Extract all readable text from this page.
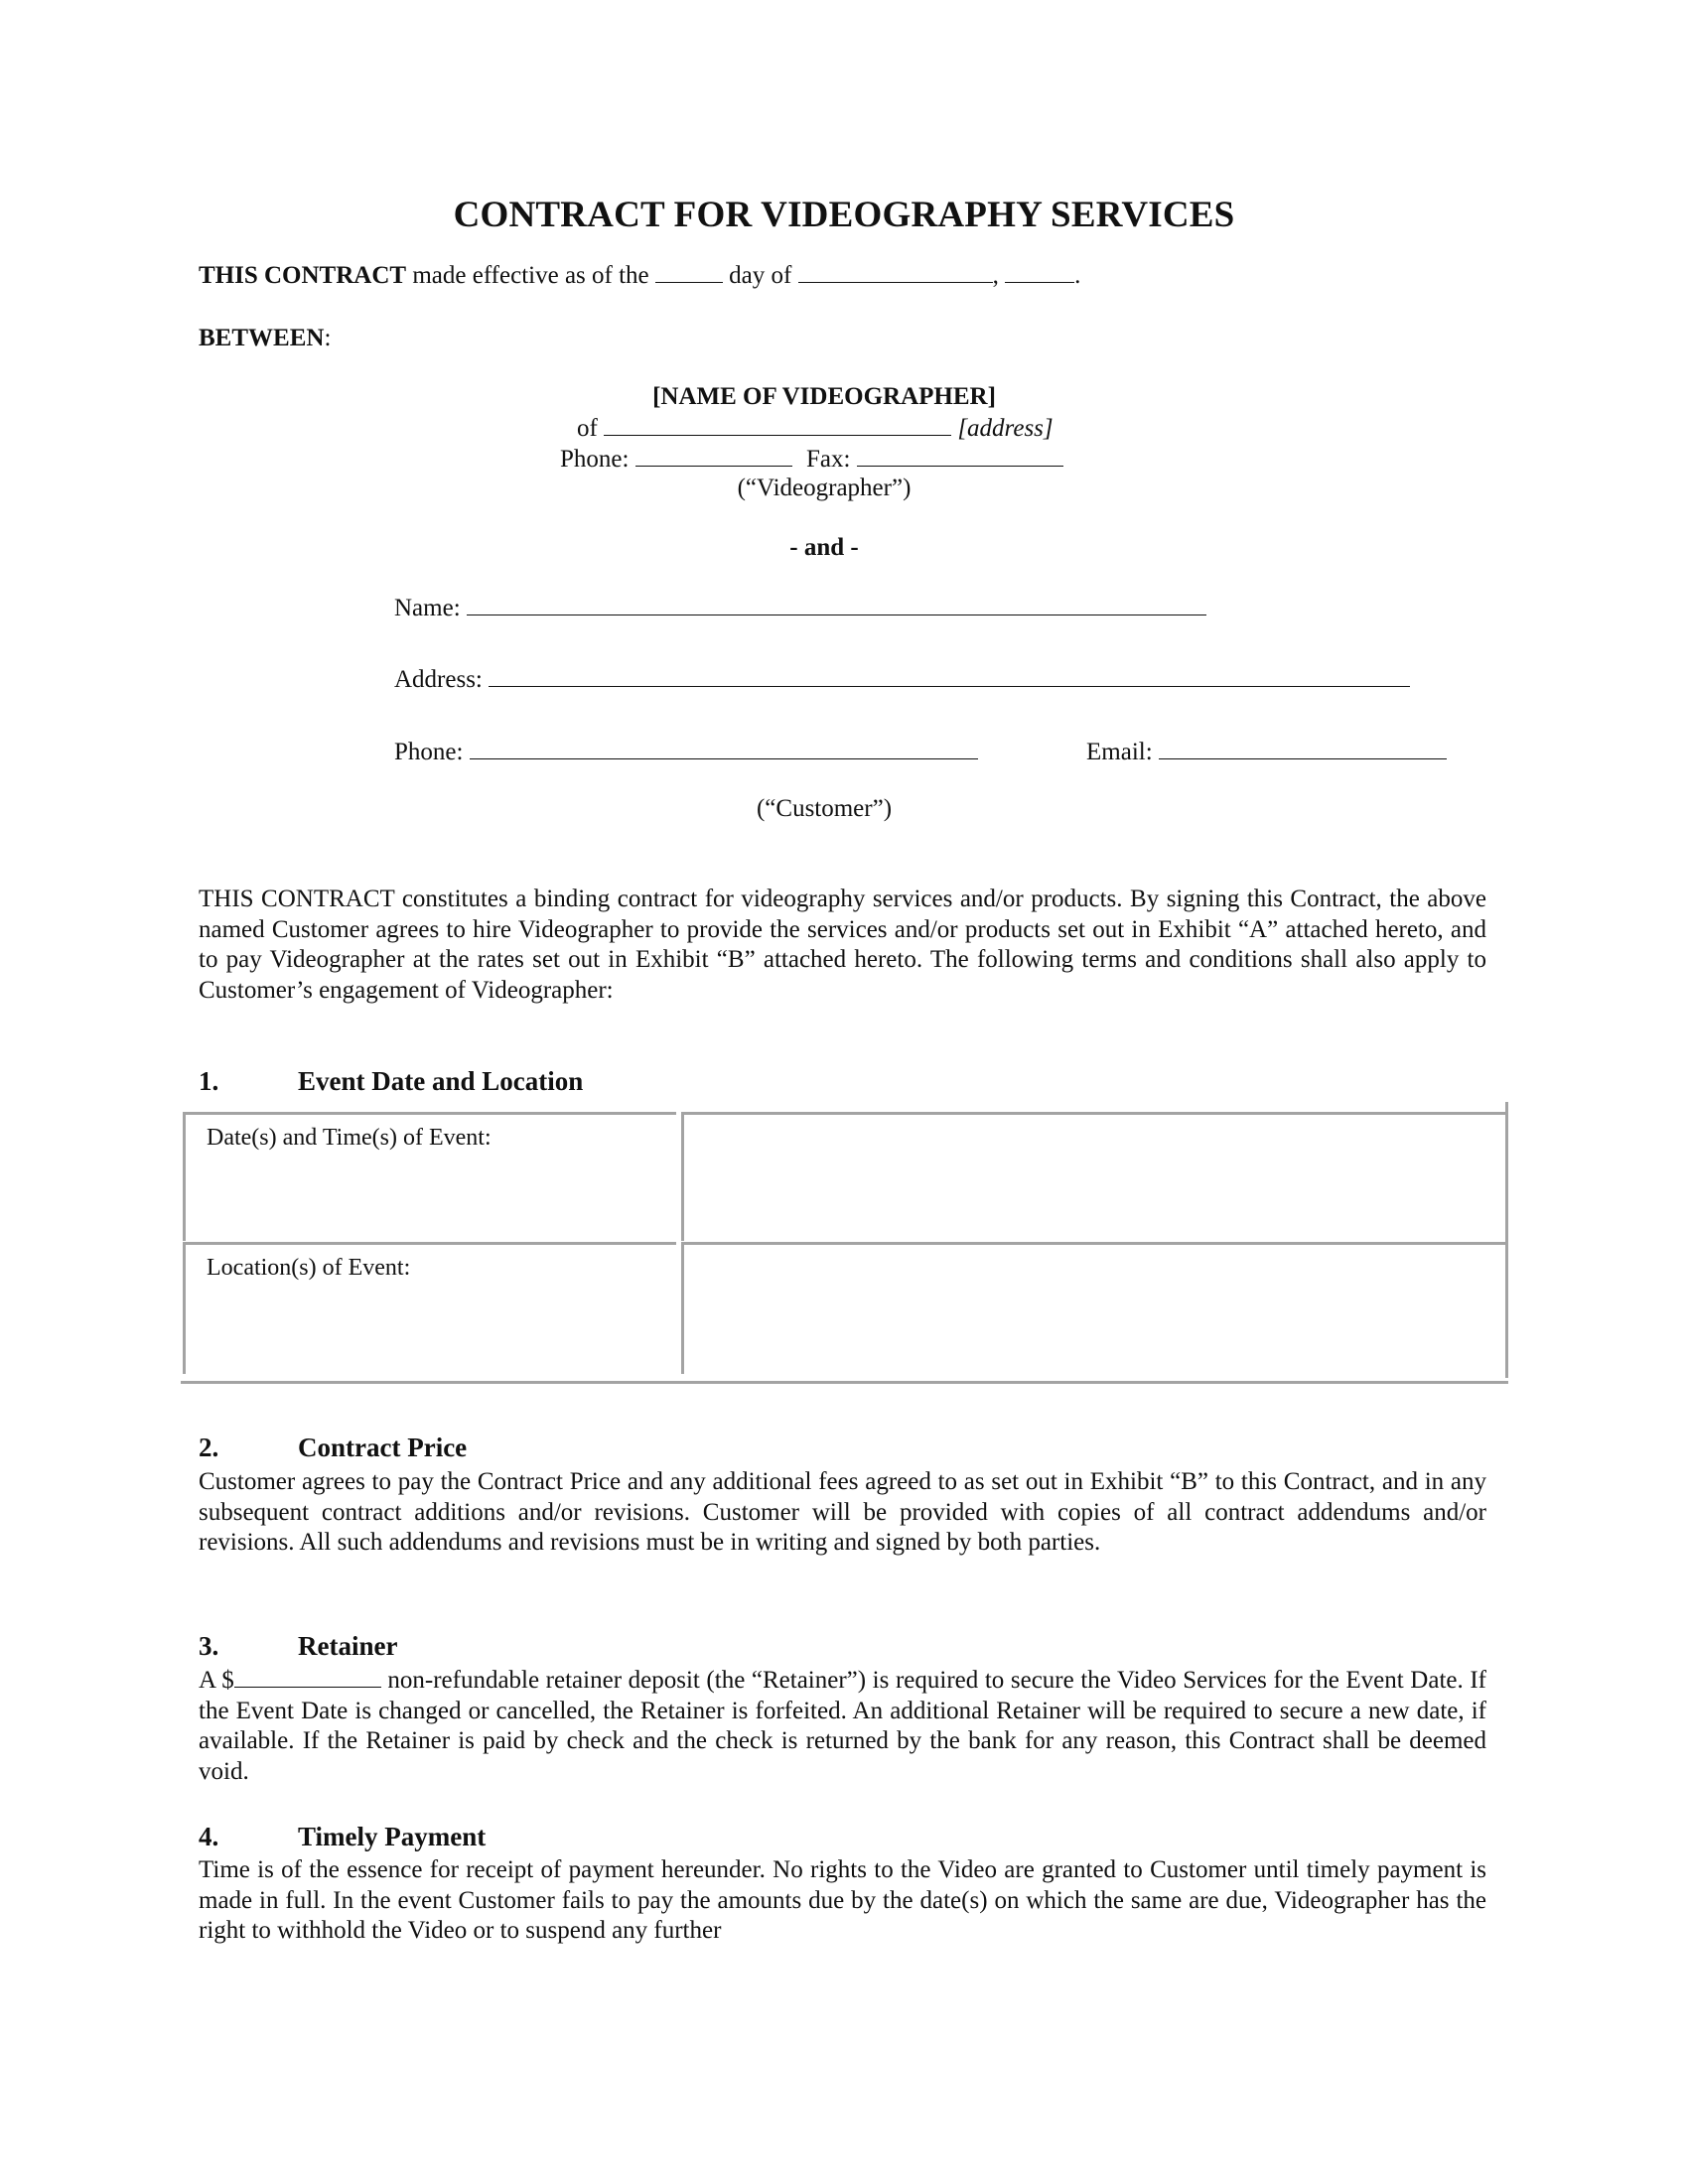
CONTRACT FOR VIDEOGRAPHY SERVICES
THIS CONTRACT made effective as of the	day of	,	.
BETWEEN:
[NAME OF VIDEOGRAPHER]
of	[address]
Phone:	Fax:
(“Videographer”)
- and -
Name:
Address:
Phone:	Email:
(“Customer”)
THIS CONTRACT constitutes a binding contract for videography services and/or products. By signing this Contract, the above named Customer agrees to hire Videographer to provide the services and/or products set out in Exhibit “A” attached hereto, and to pay Videographer at the rates set out in Exhibit “B” attached hereto. The following terms and conditions shall also apply to Customer’s engagement of Videographer:
1.	Event Date and Location
Date(s) and Time(s) of Event:
Location(s) of Event:
2.	Contract Price
Customer agrees to pay the Contract Price and any additional fees agreed to as set out in Exhibit “B” to this Contract, and in any subsequent contract additions and/or revisions. Customer will be provided with copies of all contract addendums and/or revisions. All such addendums and revisions must be in writing and signed by both parties.
3.	Retainer
A $	non-refundable retainer deposit (the “Retainer”) is required to secure the Video Services for the Event Date. If the Event Date is changed or cancelled, the Retainer is forfeited. An additional Retainer will be required to secure a new date, if available. If the Retainer is paid by check and the check is returned by the bank for any reason, this Contract shall be deemed void.
4.	Timely Payment
Time is of the essence for receipt of payment hereunder. No rights to the Video are granted to Customer until timely payment is made in full. In the event Customer fails to pay the amounts due by the date(s) on which the same are due, Videographer has the right to withhold the Video or to suspend any further
